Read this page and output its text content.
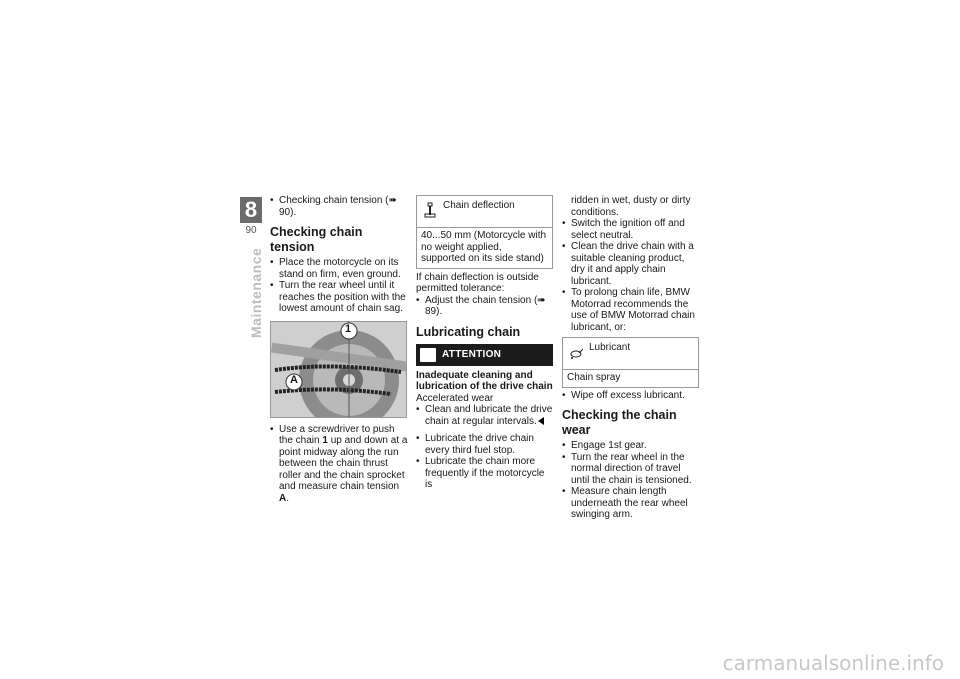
8
90
Maintenance
• Checking chain tension (➠ 90).
Checking chain tension
• Place the motorcycle on its stand on firm, even ground.
• Turn the rear wheel until it reaches the position with the lowest amount of chain sag.
1
A
• Use a screwdriver to push the chain 1 up and down at a point midway along the run between the chain thrust roller and the chain sprocket and measure chain tension A.
Chain deflection
40...50 mm (Motorcycle with no weight applied, supported on its side stand)

If chain deflection is outside permitted tolerance:

• Adjust the chain tension (➠ 89).
Lubricating chain
ATTENTION

Inadequate cleaning and lubrication of the drive chain

Accelerated wear

• Clean and lubricate the drive chain at regular intervals.
• Lubricate the drive chain every third fuel stop.
• Lubricate the chain more frequently if the motorcycle is

ridden in wet, dusty or dirty conditions.

• Switch the ignition off and select neutral.
• Clean the drive chain with a suitable cleaning product, dry it and apply chain lubricant.
• To prolong chain life, BMW Motorrad recommends the use of BMW Motorrad chain lubricant, or:
Lubricant
Chain spray
• Wipe off excess lubricant.
Checking the chain wear
• Engage 1st gear.
• Turn the rear wheel in the normal direction of travel until the chain is tensioned.
• Measure chain length underneath the rear wheel swinging arm.
carmanualsonline.info
